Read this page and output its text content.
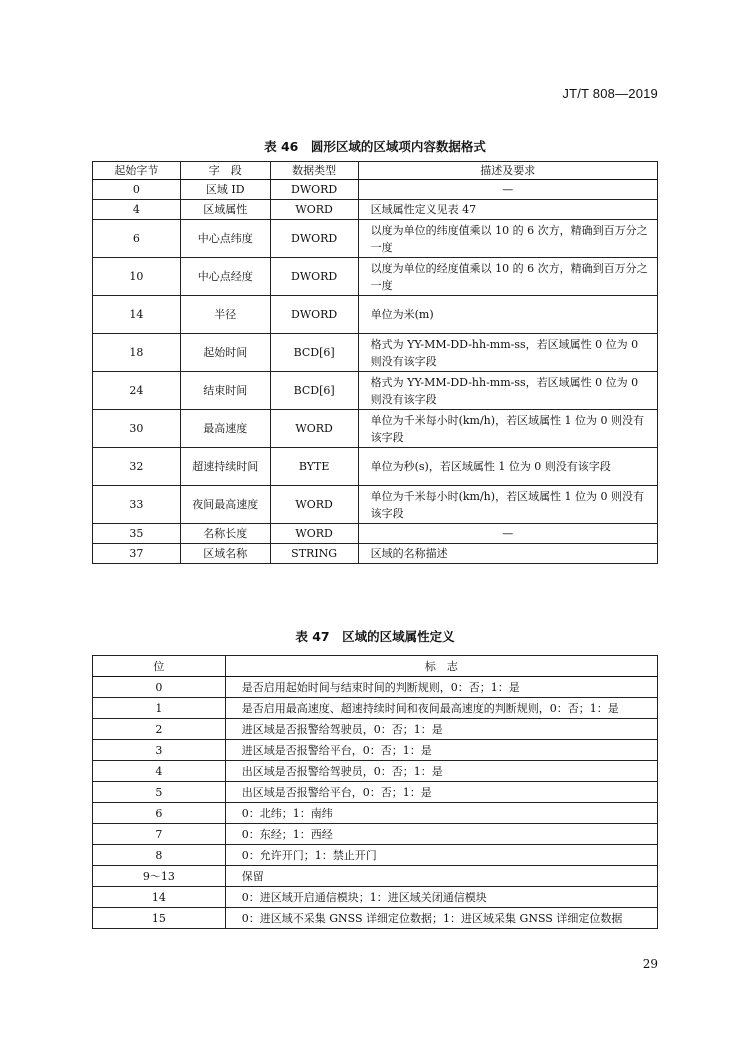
JT/T 808—2019
表 46　圆形区域的区域项内容数据格式
起始字节	字　段	数据类型	描述及要求
0	区域 ID	DWORD	—
4	区域属性	WORD	区域属性定义见表 47
6	中心点纬度	DWORD	以度为单位的纬度值乘以 10 的 6 次方，精确到百万分之一度
10	中心点经度	DWORD	以度为单位的经度值乘以 10 的 6 次方，精确到百万分之一度
14	半径	DWORD	单位为米(m)
18	起始时间	BCD[6]	格式为 YY-MM-DD-hh-mm-ss，若区域属性 0 位为 0 则没有该字段
24	结束时间	BCD[6]	格式为 YY-MM-DD-hh-mm-ss，若区域属性 0 位为 0 则没有该字段
30	最高速度	WORD	单位为千米每小时(km/h)，若区域属性 1 位为 0 则没有该字段
32	超速持续时间	BYTE	单位为秒(s)，若区域属性 1 位为 0 则没有该字段
33	夜间最高速度	WORD	单位为千米每小时(km/h)，若区域属性 1 位为 0 则没有该字段
35	名称长度	WORD	—
37	区域名称	STRING	区域的名称描述
表 47　区域的区域属性定义
位	标　志
0	是否启用起始时间与结束时间的判断规则，0：否；1：是
1	是否启用最高速度、超速持续时间和夜间最高速度的判断规则，0：否；1：是
2	进区域是否报警给驾驶员，0：否；1：是
3	进区域是否报警给平台，0：否；1：是
4	出区域是否报警给驾驶员，0：否；1：是
5	出区域是否报警给平台，0：否；1：是
6	0：北纬；1：南纬
7	0：东经；1：西经
8	0：允许开门；1：禁止开门
9～13	保留
14	0：进区域开启通信模块；1：进区域关闭通信模块
15	0：进区域不采集 GNSS 详细定位数据；1：进区域采集 GNSS 详细定位数据
29
